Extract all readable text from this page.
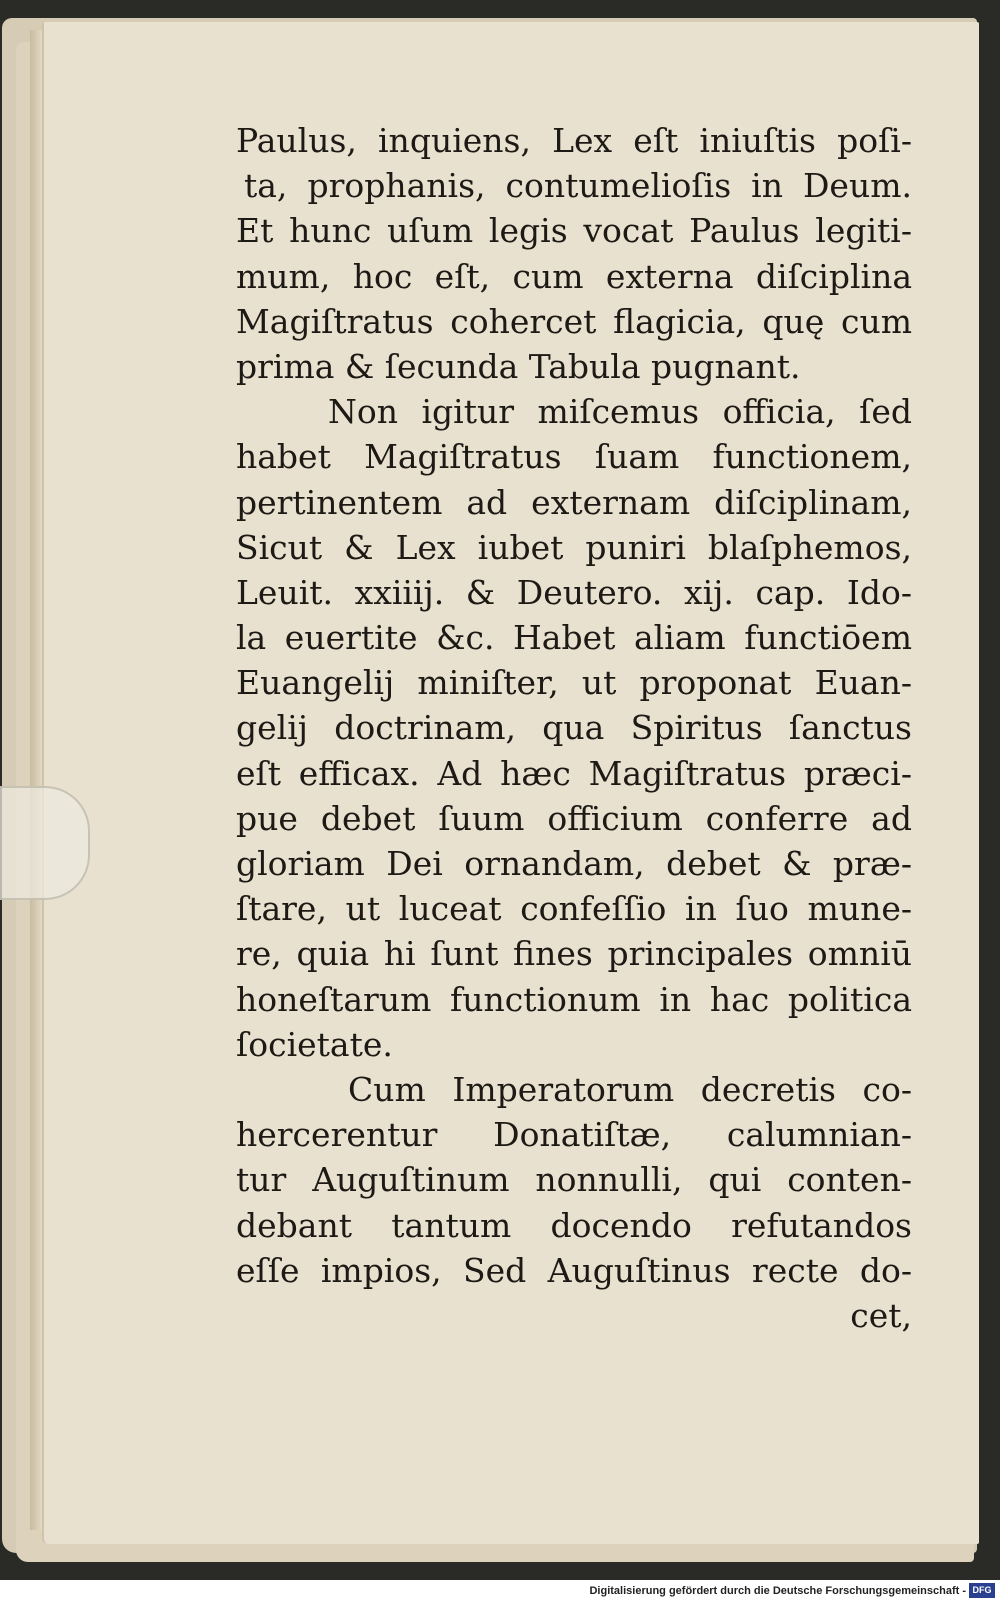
Paulus, inquiens, Lex eſt iniuſtis poſi-
ta, prophanis, contumelioſis in Deum.
Et hunc uſum legis vocat Paulus legiti-
mum, hoc eſt, cum externa diſciplina
Magiſtratus cohercet flagicia, quę cum
prima & ſecunda Tabula pugnant.
Non igitur miſcemus officia, ſed
habet Magiſtratus ſuam functionem,
pertinentem ad externam diſciplinam,
Sicut & Lex iubet puniri blaſphemos,
Leuit. xxiiij. & Deutero. xij. cap. Ido-
la euertite &c. Habet aliam functiōem
Euangelij miniſter, ut proponat Euan-
gelij doctrinam, qua Spiritus ſanctus
eſt efficax. Ad hæc Magiſtratus præci-
pue debet ſuum officium conferre ad
gloriam Dei ornandam, debet & præ-
ſtare, ut luceat confeſſio in ſuo mune-
re, quia hi ſunt fines principales omniū
honeſtarum functionum in hac politica
ſocietate.
Cum Imperatorum decretis co-
hercerentur Donatiſtæ, calumnian-
tur Auguſtinum nonnulli, qui conten-
debant tantum docendo refutandos
eſſe impios, Sed Auguſtinus recte do-
cet,
Digitalisierung gefördert durch die Deutsche Forschungsgemeinschaft - DFG
